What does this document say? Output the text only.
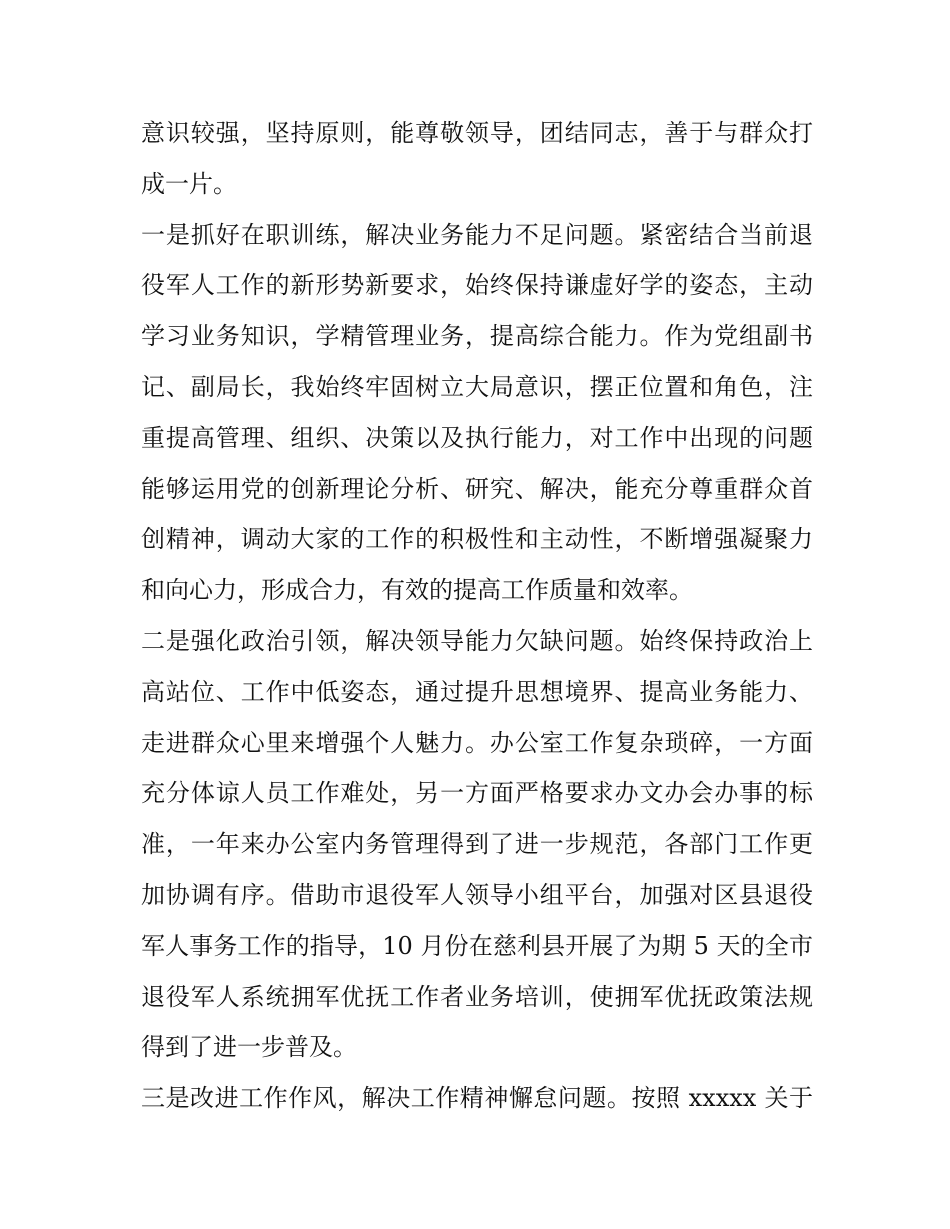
意识较强，坚持原则，能尊敬领导，团结同志，善于与群众打
成一片。
一是抓好在职训练，解决业务能力不足问题。紧密结合当前退
役军人工作的新形势新要求，始终保持谦虚好学的姿态，主动
学习业务知识，学精管理业务，提高综合能力。作为党组副书
记、副局长，我始终牢固树立大局意识，摆正位置和角色，注
重提高管理、组织、决策以及执行能力，对工作中出现的问题
能够运用党的创新理论分析、研究、解决，能充分尊重群众首
创精神，调动大家的工作的积极性和主动性，不断增强凝聚力
和向心力，形成合力，有效的提高工作质量和效率。
二是强化政治引领，解决领导能力欠缺问题。始终保持政治上
高站位、工作中低姿态，通过提升思想境界、提高业务能力、
走进群众心里来增强个人魅力。办公室工作复杂琐碎，一方面
充分体谅人员工作难处，另一方面严格要求办文办会办事的标
准，一年来办公室内务管理得到了进一步规范，各部门工作更
加协调有序。借助市退役军人领导小组平台，加强对区县退役
军人事务工作的指导，10 月份在慈利县开展了为期 5 天的全市
退役军人系统拥军优抚工作者业务培训，使拥军优抚政策法规
得到了进一步普及。
三是改进工作作风，解决工作精神懈怠问题。按照 xxxxx 关于
